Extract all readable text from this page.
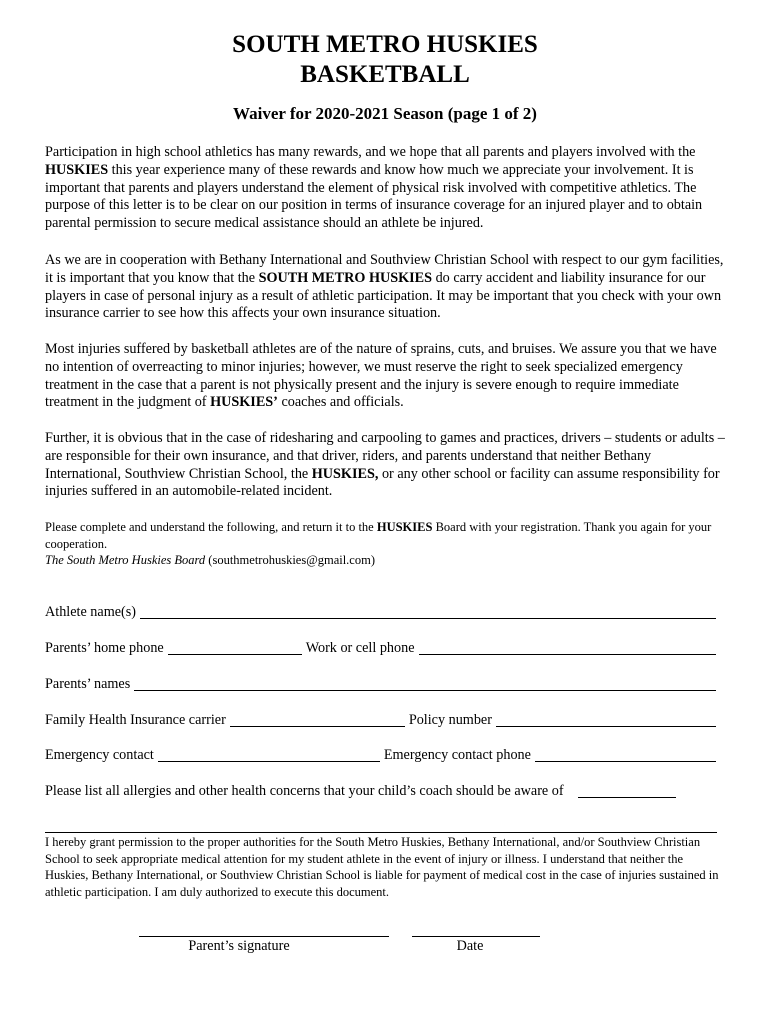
SOUTH METRO HUSKIES
BASKETBALL
Waiver for 2020-2021 Season (page 1 of 2)

Participation in high school athletics has many rewards, and we hope that all parents and players involved with the HUSKIES this year experience many of these rewards and know how much we appreciate your involvement. It is important that parents and players understand the element of physical risk involved with competitive athletics. The purpose of this letter is to be clear on our position in terms of insurance coverage for an injured player and to obtain parental permission to secure medical assistance should an athlete be injured.

As we are in cooperation with Bethany International and Southview Christian School with respect to our gym facilities, it is important that you know that the SOUTH METRO HUSKIES do carry accident and liability insurance for our players in case of personal injury as a result of athletic participation. It may be important that you check with your own insurance carrier to see how this affects your own insurance situation.

Most injuries suffered by basketball athletes are of the nature of sprains, cuts, and bruises. We assure you that we have no intention of overreacting to minor injuries; however, we must reserve the right to seek specialized emergency treatment in the case that a parent is not physically present and the injury is severe enough to require immediate treatment in the judgment of HUSKIES’ coaches and officials.

Further, it is obvious that in the case of ridesharing and carpooling to games and practices, drivers – students or adults – are responsible for their own insurance, and that driver, riders, and parents understand that neither Bethany International, Southview Christian School, the HUSKIES, or any other school or facility can assume responsibility for injuries suffered in an automobile-related incident.

Please complete and understand the following, and return it to the HUSKIES Board with your registration. Thank you again for your cooperation.
The South Metro Huskies Board (southmetrohuskies@gmail.com)

Athlete name(s)
Parents’ home phone	Work or cell phone
Parents’ names
Family Health Insurance carrier	Policy number
Emergency contact	Emergency contact phone
Please list all allergies and other health concerns that your child’s coach should be aware of

I hereby grant permission to the proper authorities for the South Metro Huskies, Bethany International, and/or Southview Christian School to seek appropriate medical attention for my student athlete in the event of injury or illness. I understand that neither the Huskies, Bethany International, or Southview Christian School is liable for payment of medical cost in the case of injuries sustained in athletic participation. I am duly authorized to execute this document.

Parent’s signature	Date
